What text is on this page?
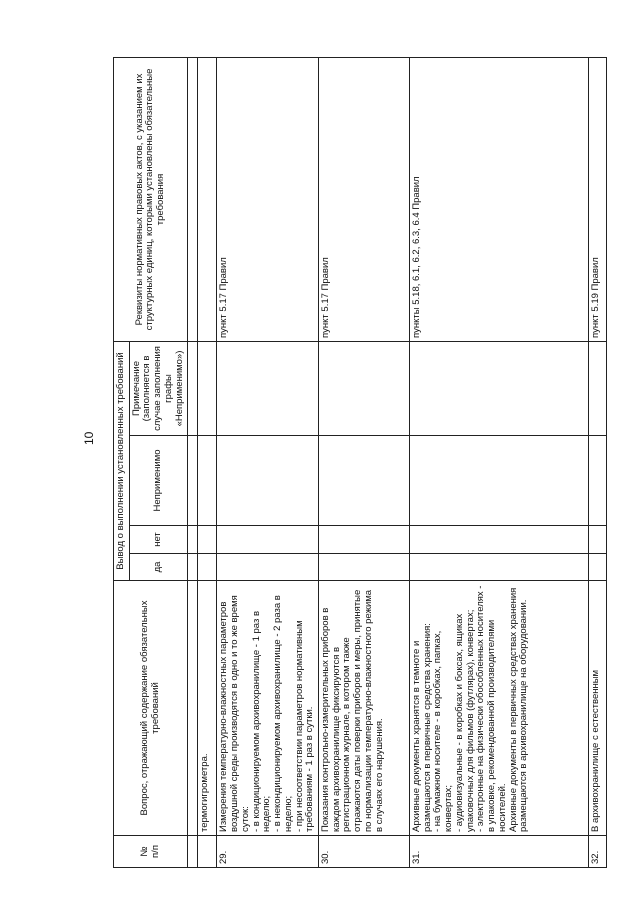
10
№
п/п	Вопрос, отражающий содержание обязательных требований	Вывод о выполнении установленных требований				Реквизиты нормативных правовых актов, с указанием их структурных единиц, которыми установлены обязательные требования
		да	нет	Неприменимо	Примечание (заполняется в случае заполнения графы «Неприменимо»)	

	термогигрометра.					
29.	Измерения температурно-влажностных параметров воздушной среды производятся в одно и то же время суток:
- в кондиционируемом архивохранилище - 1 раз в неделю;
- в некондиционируемом архивохранилище - 2 раза в неделю;
- при несоответствии параметров нормативным требованиям - 1 раз в сутки.					пункт 5.17 Правил
30.	Показания контрольно-измерительных приборов в каждом архивохранилище фиксируются в регистрационном журнале, в котором также отражаются даты поверки приборов и меры, принятые по нормализации температурно-влажностного режима в случаях его нарушения.					пункт 5.17 Правил
31.	Архивные документы хранятся в темноте и размещаются в первичные средства хранения:
- на бумажном носителе - в коробках, папках, конвертах;
- аудиовизуальные - в коробках и боксах, ящиках упаковочных для фильмов (футлярах), конвертах;
- электронные на физически обособленных носителях - в упаковке, рекомендованной производителями носителей.
Архивные документы в первичных средствах хранения размещаются в архивохранилище на оборудовании.					пункты 5.18, 6.1, 6.2, 6.3, 6.4 Правил
32.	В архивохранилище с естественным					пункт 5.19 Правил
